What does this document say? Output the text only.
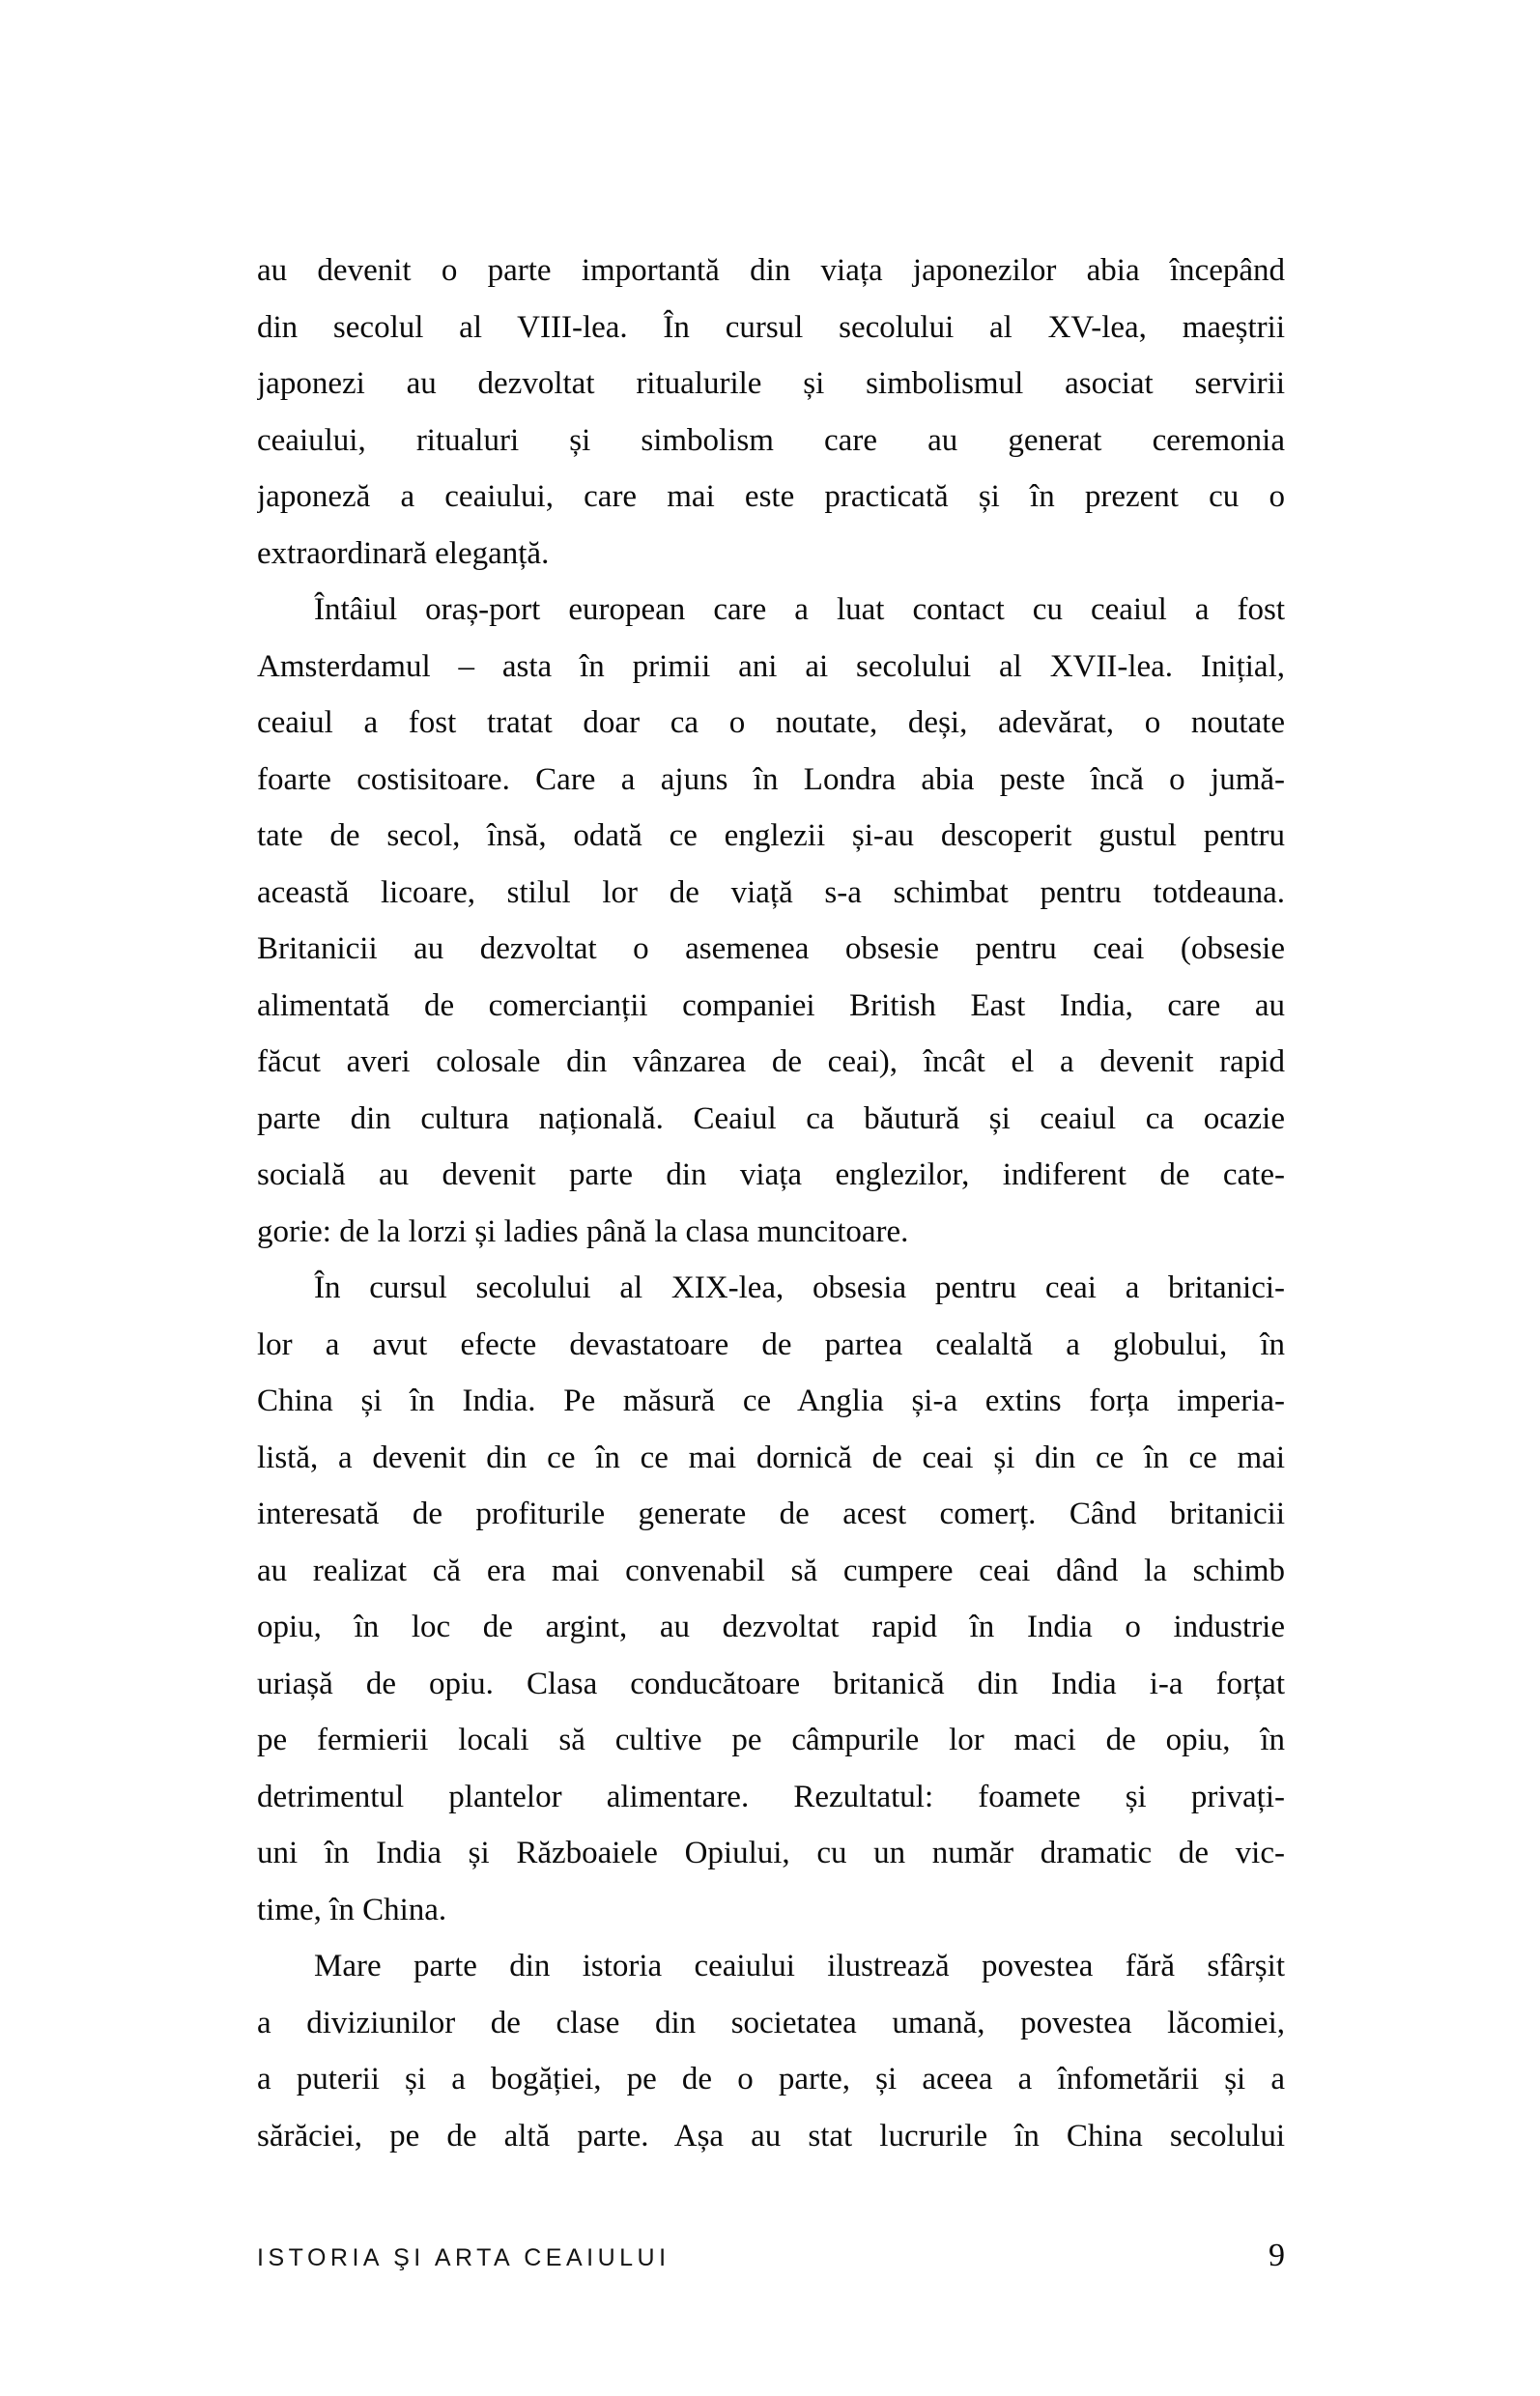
au devenit o parte importantă din viața japonezilor abia începând
din secolul al VIII-lea. În cursul secolului al XV-lea, maeștrii
japonezi au dezvoltat ritualurile și simbolismul asociat servirii
ceaiului, ritualuri și simbolism care au generat ceremonia
japoneză a ceaiului, care mai este practicată și în prezent cu o
extraordinară eleganță.
Întâiul oraș-port european care a luat contact cu ceaiul a fost
Amsterdamul – asta în primii ani ai secolului al XVII-lea. Inițial,
ceaiul a fost tratat doar ca o noutate, deși, adevărat, o noutate
foarte costisitoare. Care a ajuns în Londra abia peste încă o jumă-
tate de secol, însă, odată ce englezii și-au descoperit gustul pentru
această licoare, stilul lor de viață s-a schimbat pentru totdeauna.
Britanicii au dezvoltat o asemenea obsesie pentru ceai (obsesie
alimentată de comercianții companiei British East India, care au
făcut averi colosale din vânzarea de ceai), încât el a devenit rapid
parte din cultura națională. Ceaiul ca băutură și ceaiul ca ocazie
socială au devenit parte din viața englezilor, indiferent de cate-
gorie: de la lorzi și ladies până la clasa muncitoare.
În cursul secolului al XIX-lea, obsesia pentru ceai a britanici-
lor a avut efecte devastatoare de partea cealaltă a globului, în
China și în India. Pe măsură ce Anglia și-a extins forța imperia-
listă, a devenit din ce în ce mai dornică de ceai și din ce în ce mai
interesată de profiturile generate de acest comerț. Când britanicii
au realizat că era mai convenabil să cumpere ceai dând la schimb
opiu, în loc de argint, au dezvoltat rapid în India o industrie
uriașă de opiu. Clasa conducătoare britanică din India i-a forțat
pe fermierii locali să cultive pe câmpurile lor maci de opiu, în
detrimentul plantelor alimentare. Rezultatul: foamete și privați-
uni în India și Războaiele Opiului, cu un număr dramatic de vic-
time, în China.
Mare parte din istoria ceaiului ilustrează povestea fără sfârșit
a diviziunilor de clase din societatea umană, povestea lăcomiei,
a puterii și a bogăției, pe de o parte, și aceea a înfometării și a
sărăciei, pe de altă parte. Așa au stat lucrurile în China secolului
ISTORIA ŞI ARTA CEAIULUI	9
